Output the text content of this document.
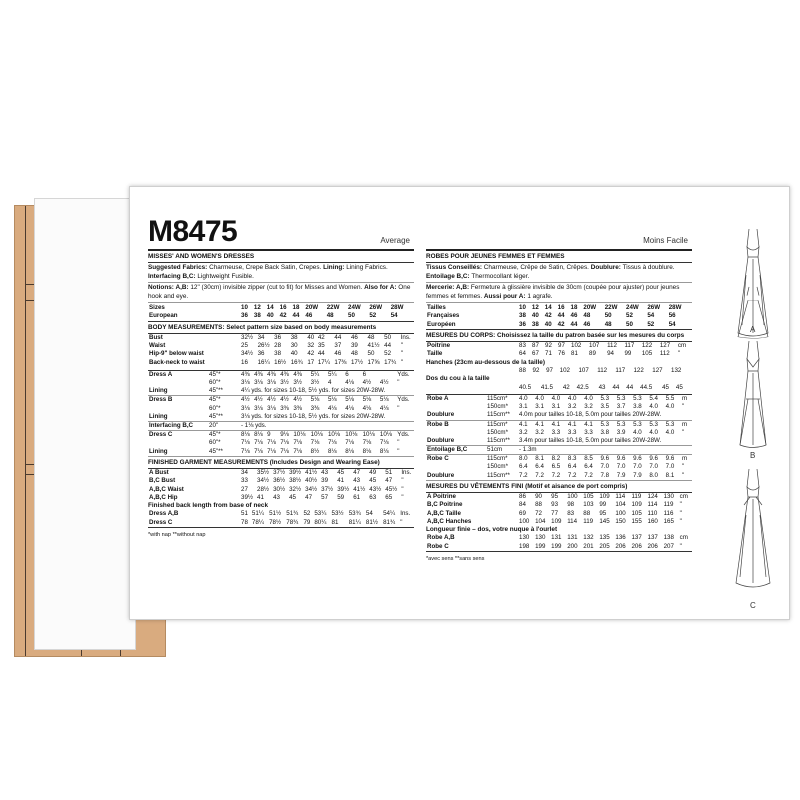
M8475	Average
MISSES' AND WOMEN'S DRESSES
Suggested Fabrics: Charmeuse, Crepe Back Satin, Crepes. Lining: Lining Fabrics. Interfacing B,C: Lightweight Fusible.
Notions: A,B: 12" (30cm) invisible zipper (cut to fit) for Misses and Women. Also for A: One hook and eye.
Sizes		10	12	14	16	18	20W	22W	24W	26W	28W	
European		36	38	40	42	44	46	48	50	52	54	
BODY MEASUREMENTS: Select pattern size based on body measurements
Bust		32½	34	36	38	40	42	44	46	48	50	Ins.
Waist		25	26½	28	30	32	35	37	39	41½	44	"
Hip-9" below waist		34½	36	38	40	42	44	46	48	50	52	"
Back-neck to waist		16	16¼	16½	16¾	17	17¼	17⅜	17½	17⅝	17¾	"
Dress A	45"*	4⅜	4⅜	4⅜	4⅜	4⅜	5¼	5¼	6	6		Yds.
	60"*	3⅛	3⅛	3⅛	3½	3½	3½	4	4⅛	4½	4½	"
Lining	45"**	4¼ yds. for sizes 10-18, 5½ yds. for sizes 20W-28W.										
Dress B	45"*	4½	4½	4½	4½	4½	5⅛	5⅛	5⅛	5⅛	5⅛	Yds.
	60"*	3⅛	3⅛	3⅛	3⅜	3⅜	3⅜	4⅛	4⅛	4⅛	4⅛	"
Lining	45"**	3⅛ yds. for sizes 10-18, 5½ yds. for sizes 20W-28W.										
Interfacing B,C	20"	- 1⅛ yds.										
Dress C	45"*	8⅛	8⅛	9	9⅛	10⅛	10⅛	10⅛	10⅛	10⅛	10⅛	Yds.
	60"*	7⅛	7⅛	7⅛	7⅛	7⅛	7⅛	7⅛	7⅛	7⅛	7⅛	"
Lining	45"**	7⅛	7⅛	7⅛	7⅛	7⅛	8½	8⅛	8⅛	8⅛	8⅛	"
FINISHED GARMENT MEASUREMENTS (Includes Design and Wearing Ease)
A Bust		34	35½	37½	39½	41½	43	45	47	49	51	Ins.
B,C Bust		33	34½	36½	38½	40½	39	41	43	45	47	"
A,B,C Waist		27	28½	30½	32½	34½	37½	39½	41½	43½	45½	"
A,B,C Hip		39½	41	43	45	47	57	59	61	63	65	"
Finished back length from base of neck
Dress A,B		51	51¼	51½	51¾	52	53¼	53½	53¾	54	54¼	Ins.
Dress C		78	78¼	78½	78¾	79	80¼	81	81¼	81½	81¾	"
*with nap **without nap
Moins Facile
ROBES POUR JEUNES FEMMES ET FEMMES
Tissus Conseillés: Charmeuse, Crêpe de Satin, Crêpes. Doublure: Tissus à doublure. Entoilage B,C: Thermocollant léger.
Mercerie: A,B: Fermeture à glissière invisible de 30cm (coupée pour ajuster) pour jeunes femmes et femmes. Aussi pour A: 1 agrafe.
Tailles		10	12	14	16	18	20W	22W	24W	26W	28W	
Françaises		38	40	42	44	46	48	50	52	54	56	
Européen		36	38	40	42	44	46	48	50	52	54	
MESURES DU CORPS: Choisissez la taille du patron basée sur les mesures du corps
Poitrine		83	87	92	97	102	107	112	117	122	127	cm
Taille		64	67	71	76	81	89	94	99	105	112	"
Hanches (23cm au-dessous de la taille)
		88	92	97	102	107	112	117	122	127	132	
Dos du cou à la taille
		40.5	41.5	42	42.5	43	44	44	44.5	45	45	
Robe A	115cm*	4.0	4.0	4.0	4.0	4.0	5.3	5.3	5.3	5.4	5.5	m
	150cm*	3.1	3.1	3.1	3.2	3.2	3.5	3.7	3.8	4.0	4.0	"
Doublure	115cm**	4.0m pour tailles 10-18, 5.0m pour tailles 20W-28W.										
Robe B	115cm*	4.1	4.1	4.1	4.1	4.1	5.3	5.3	5.3	5.3	5.3	m
	150cm*	3.2	3.2	3.3	3.3	3.3	3.8	3.9	4.0	4.0	4.0	"
Doublure	115cm**	3.4m pour tailles 10-18, 5.0m pour tailles 20W-28W.										
Entoilage B,C	51cm	- 1.3m										
Robe C	115cm*	8.0	8.1	8.2	8.3	8.5	9.6	9.6	9.6	9.6	9.6	m
	150cm*	6.4	6.4	6.5	6.4	6.4	7.0	7.0	7.0	7.0	7.0	"
Doublure	115cm**	7.2	7.2	7.2	7.2	7.2	7.8	7.9	7.9	8.0	8.1	"
MESURES DU VÊTEMENTS FINI (Motif et aisance de port compris)
A Poitrine		86	90	95	100	105	109	114	119	124	130	cm
B,C Poitrine		84	88	93	98	103	99	104	109	114	119	"
A,B,C Taille		69	72	77	83	88	95	100	105	110	116	"
A,B,C Hanches		100	104	109	114	119	145	150	155	160	165	"
Longueur finie – dos, votre nuque à l'ourlet
Robe A,B		130	130	131	131	132	135	136	137	137	138	cm
Robe C		198	199	199	200	201	205	206	206	206	207	"
*avec sens **sans sens
A
B
C
